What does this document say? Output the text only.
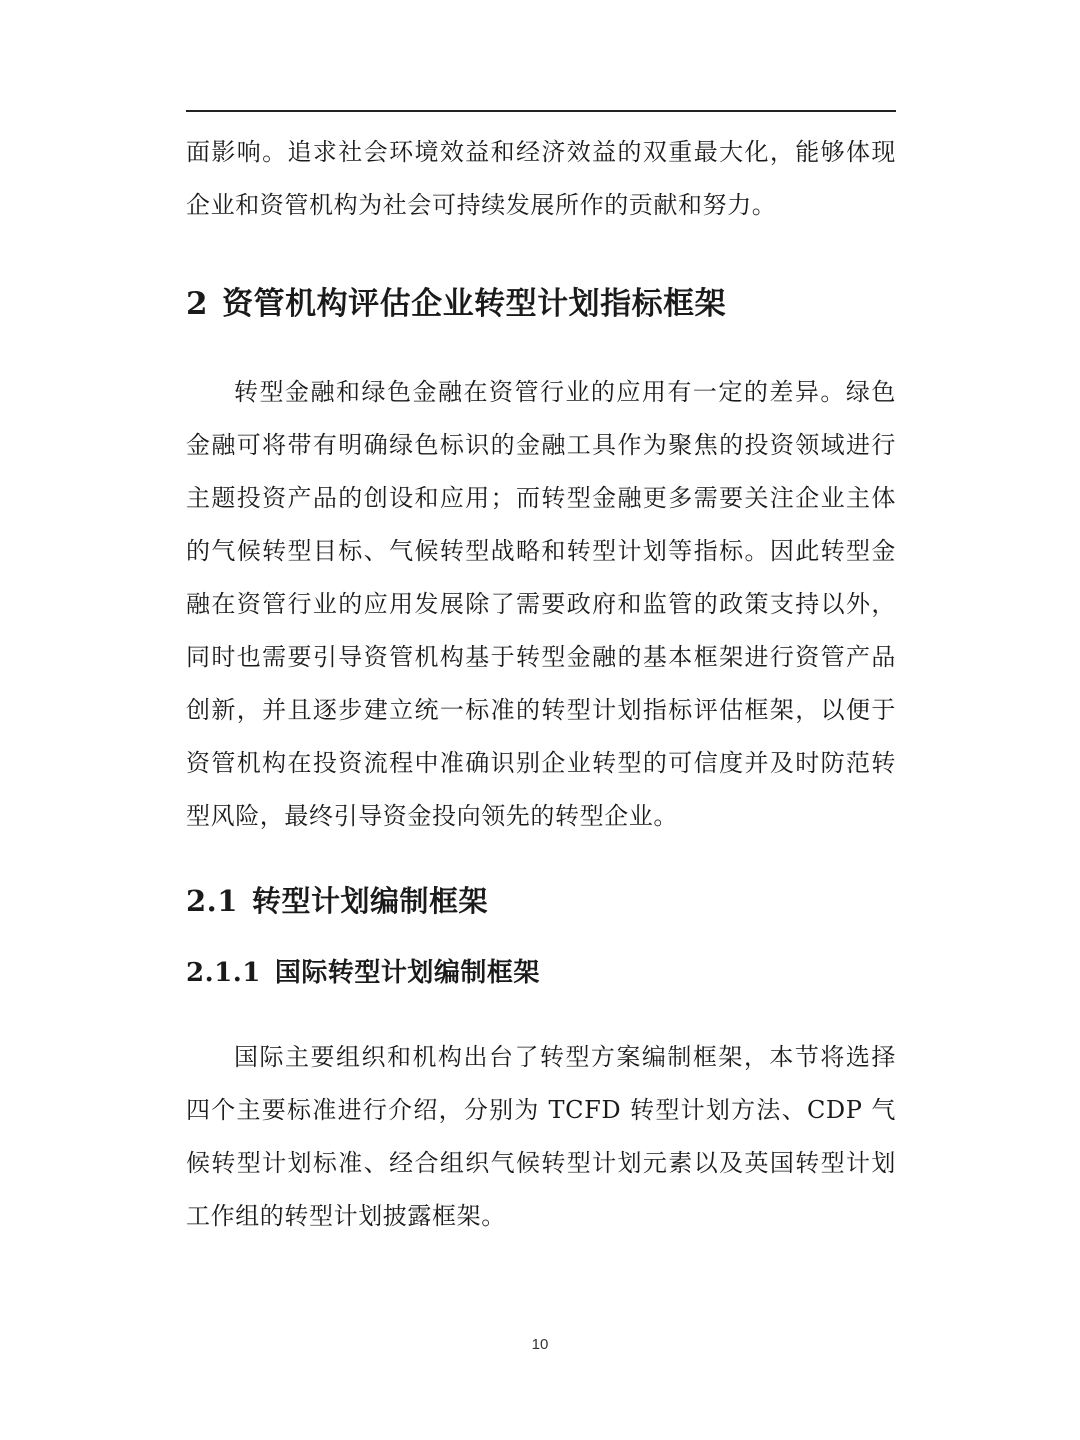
面影响。追求社会环境效益和经济效益的双重最大化，能够体现企业和资管机构为社会可持续发展所作的贡献和努力。

2 资管机构评估企业转型计划指标框架

转型金融和绿色金融在资管行业的应用有一定的差异。绿色金融可将带有明确绿色标识的金融工具作为聚焦的投资领域进行主题投资产品的创设和应用；而转型金融更多需要关注企业主体的气候转型目标、气候转型战略和转型计划等指标。因此转型金融在资管行业的应用发展除了需要政府和监管的政策支持以外，同时也需要引导资管机构基于转型金融的基本框架进行资管产品创新，并且逐步建立统一标准的转型计划指标评估框架，以便于资管机构在投资流程中准确识别企业转型的可信度并及时防范转型风险，最终引导资金投向领先的转型企业。

2.1 转型计划编制框架
2.1.1 国际转型计划编制框架

国际主要组织和机构出台了转型方案编制框架，本节将选择四个主要标准进行介绍，分别为 TCFD 转型计划方法、CDP 气候转型计划标准、经合组织气候转型计划元素以及英国转型计划工作组的转型计划披露框架。

10
